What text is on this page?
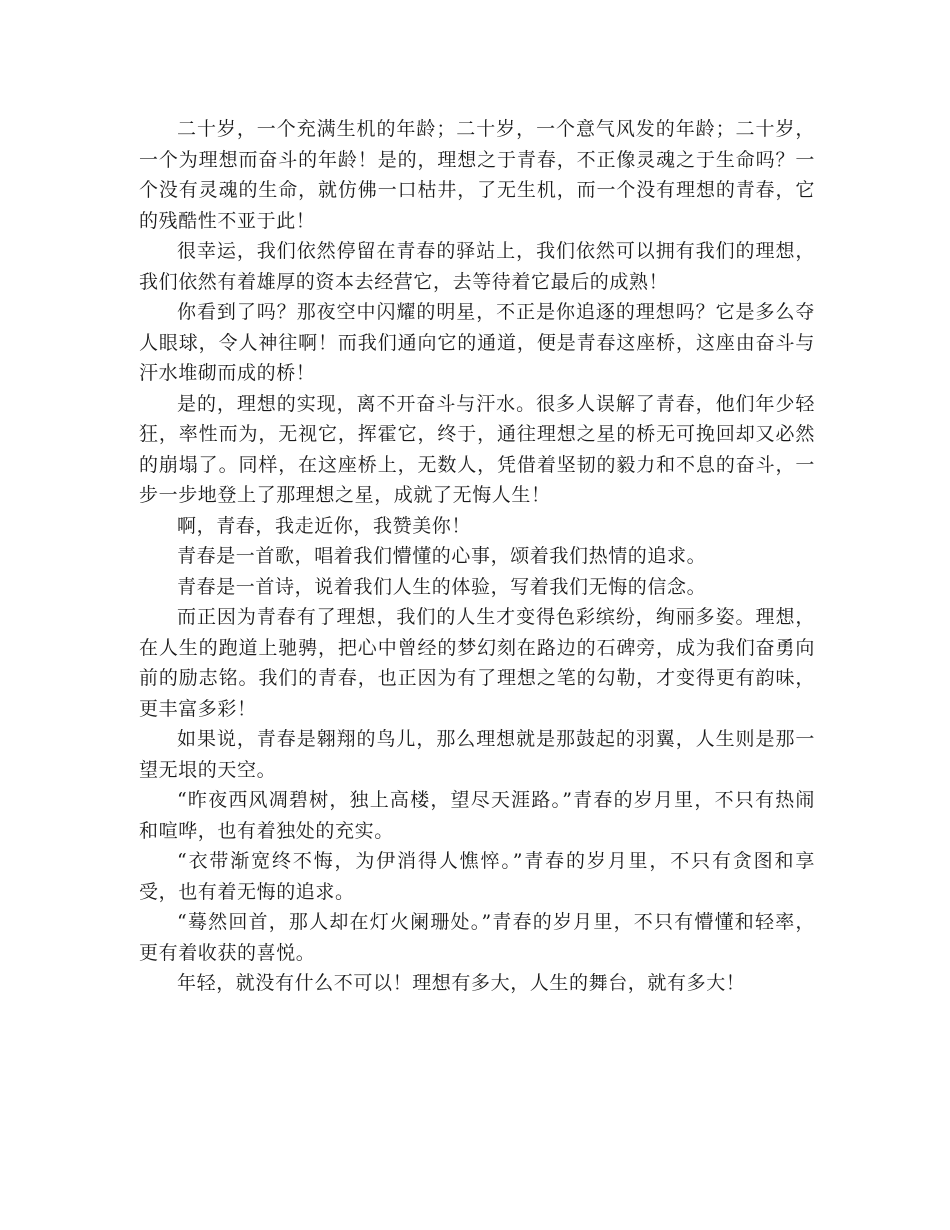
二十岁，一个充满生机的年龄；二十岁，一个意气风发的年龄；二十岁，一个为理想而奋斗的年龄！是的，理想之于青春，不正像灵魂之于生命吗？一个没有灵魂的生命，就仿佛一口枯井，了无生机，而一个没有理想的青春，它的残酷性不亚于此！

很幸运，我们依然停留在青春的驿站上，我们依然可以拥有我们的理想，我们依然有着雄厚的资本去经营它，去等待着它最后的成熟！

你看到了吗？那夜空中闪耀的明星，不正是你追逐的理想吗？它是多么夺人眼球，令人神往啊！而我们通向它的通道，便是青春这座桥，这座由奋斗与汗水堆砌而成的桥！

是的，理想的实现，离不开奋斗与汗水。很多人误解了青春，他们年少轻狂，率性而为，无视它，挥霍它，终于，通往理想之星的桥无可挽回却又必然的崩塌了。同样，在这座桥上，无数人，凭借着坚韧的毅力和不息的奋斗，一步一步地登上了那理想之星，成就了无悔人生！

啊，青春，我走近你，我赞美你！

青春是一首歌，唱着我们懵懂的心事，颂着我们热情的追求。

青春是一首诗，说着我们人生的体验，写着我们无悔的信念。

而正因为青春有了理想，我们的人生才变得色彩缤纷，绚丽多姿。理想，在人生的跑道上驰骋，把心中曾经的梦幻刻在路边的石碑旁，成为我们奋勇向前的励志铭。我们的青春，也正因为有了理想之笔的勾勒，才变得更有韵味，更丰富多彩！

如果说，青春是翱翔的鸟儿，那么理想就是那鼓起的羽翼，人生则是那一望无垠的天空。

“昨夜西风凋碧树，独上高楼，望尽天涯路。”青春的岁月里，不只有热闹和喧哗，也有着独处的充实。

“衣带渐宽终不悔，为伊消得人憔悴。”青春的岁月里，不只有贪图和享受，也有着无悔的追求。

“蓦然回首，那人却在灯火阑珊处。”青春的岁月里，不只有懵懂和轻率，更有着收获的喜悦。

年轻，就没有什么不可以！理想有多大，人生的舞台，就有多大！
